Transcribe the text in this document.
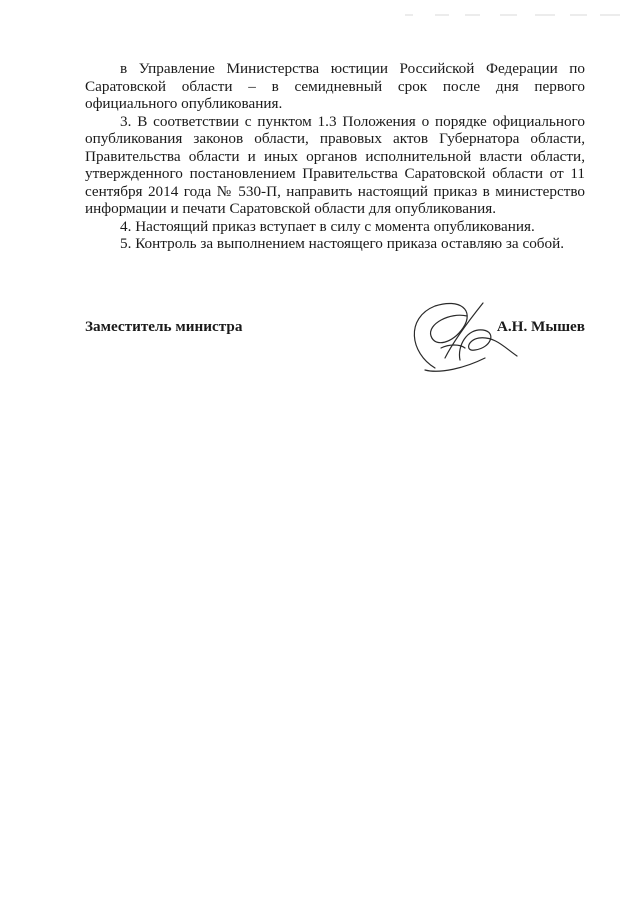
в Управление Министерства юстиции Российской Федерации по Саратовской области – в семидневный срок после дня первого официального опубликования.

3. В соответствии с пунктом 1.3 Положения о порядке официального опубликования законов области, правовых актов Губернатора области, Правительства области и иных органов исполнительной власти области, утвержденного постановлением Правительства Саратовской области от 11 сентября 2014 года № 530-П, направить настоящий приказ в министерство информации и печати Саратовской области для опубликования.

4. Настоящий приказ вступает в силу с момента опубликования.

5. Контроль за выполнением настоящего приказа оставляю за собой.

Заместитель министра	А.Н. Мышев
